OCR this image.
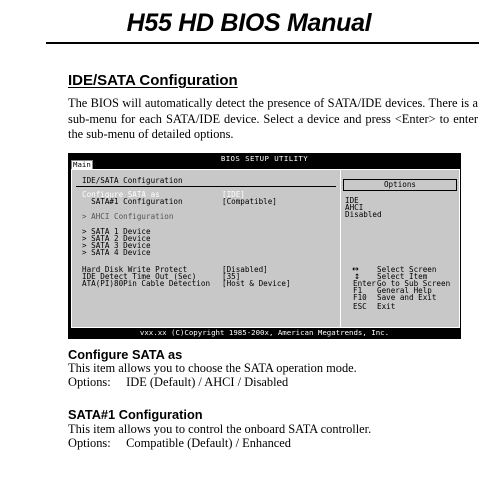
H55 HD BIOS Manual
IDE/SATA Configuration
The BIOS will automatically detect the presence of SATA/IDE devices. There is a sub-menu for each SATA/IDE device. Select a device and press <Enter> to enter the sub-menu of detailed options.
BIOS SETUP UTILITY
Main
IDE/SATA Configuration
Configure SATA as	[IDE]
SATA#1 Configuration	[Compatible]
> AHCI Configuration
> SATA 1 Device
> SATA 2 Device
> SATA 3 Device
> SATA 4 Device
Hard Disk Write Protect	[Disabled]
IDE Detect Time Out (Sec)	[35]
ATA(PI)80Pin Cable Detection [Host & Device]
Options
IDE
AHCI
Disabled
↔ Select Screen
↕ Select Item
Enter Go to Sub Screen
F1 General Help
F10 Save and Exit
ESC Exit
vxx.xx (C)Copyright 1985-200x, American Megatrends, Inc.
Configure SATA as
This item allows you to choose the SATA operation mode.
Options:     IDE (Default) / AHCI / Disabled
SATA#1 Configuration
This item allows you to control the onboard SATA controller.
Options:     Compatible (Default) / Enhanced
